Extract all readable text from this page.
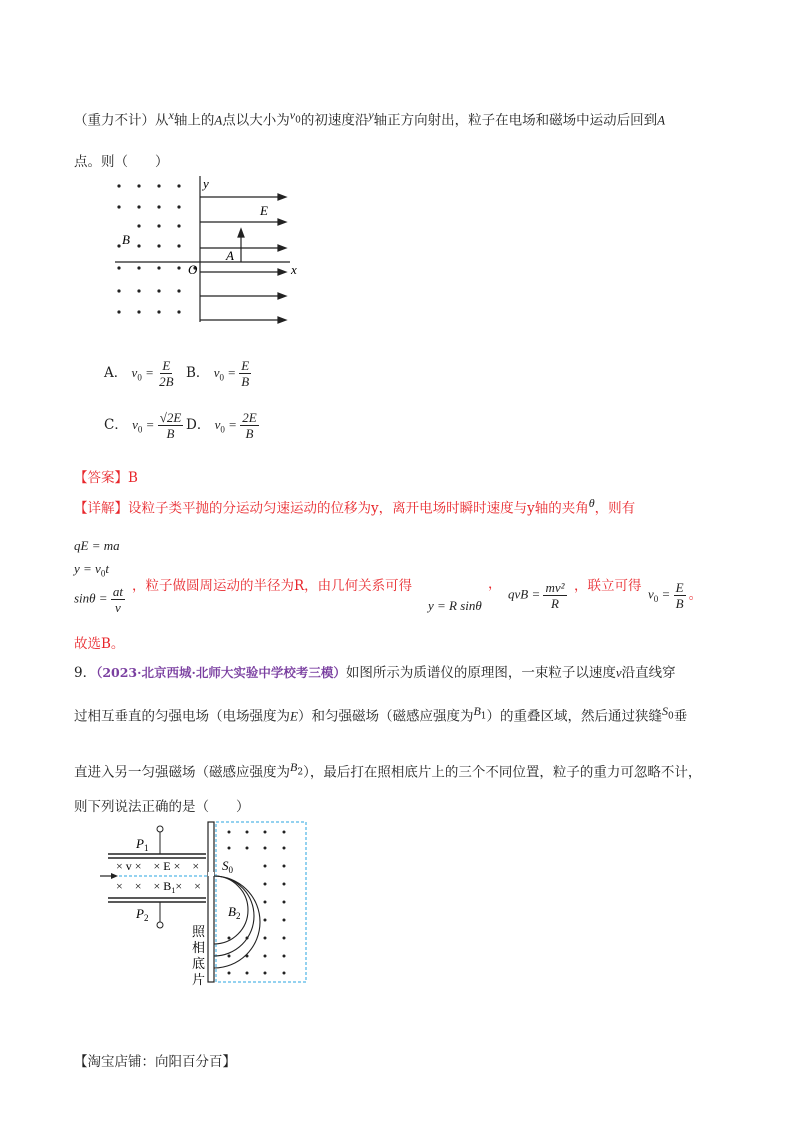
（重力不计）从$^x$轴上的A点以大小为$^{v_0}$的初速度沿$^y$轴正方向射出，粒子在电场和磁场中运动后回到A
点。则（　　）
y
E
B
A
O	x
A． $v_0 = \frac{E}{2B}$ B． $v_0 = \frac{E}{B}$
C． $v_0 = \frac{√2E}{B}$ D． $v_0 = \frac{2E}{B}$
【答案】B
【详解】设粒子类平抛的分运动匀速运动的位移为y，离开电场时瞬时速度与y轴的夹角$^\theta$，则有
qE = ma
$y = v_0t$
$\sin\theta = \frac{at}{v}$ ，粒子做圆周运动的半径为R，由几何关系可得
y = R sinθ
，
qvB = $\frac{\text{mv²}}{R}$ ，联立可得 $v_0 = \frac{E}{B}$ 。
故选B。
9．（2023·北京西城·北师大实验中学校考三模）如图所示为质谱仪的原理图，一束粒子以速度v沿直线穿
过相互垂直的匀强电场（电场强度为E）和匀强磁场（磁感应强度为$^{B_1}$）的重叠区域，然后通过狭缝$^{S_0}$垂
直进入另一匀强磁场（磁感应强度为$^{B_2}$），最后打在照相底片上的三个不同位置，粒子的重力可忽略不计，
则下列说法正确的是（　　）
$P_1$
$P_2$
× v ×　× E ×　×
×　×　× $B_1\times$　×
$S_0$
$B_2$
照
相
底
片
【淘宝店铺：向阳百分百】
